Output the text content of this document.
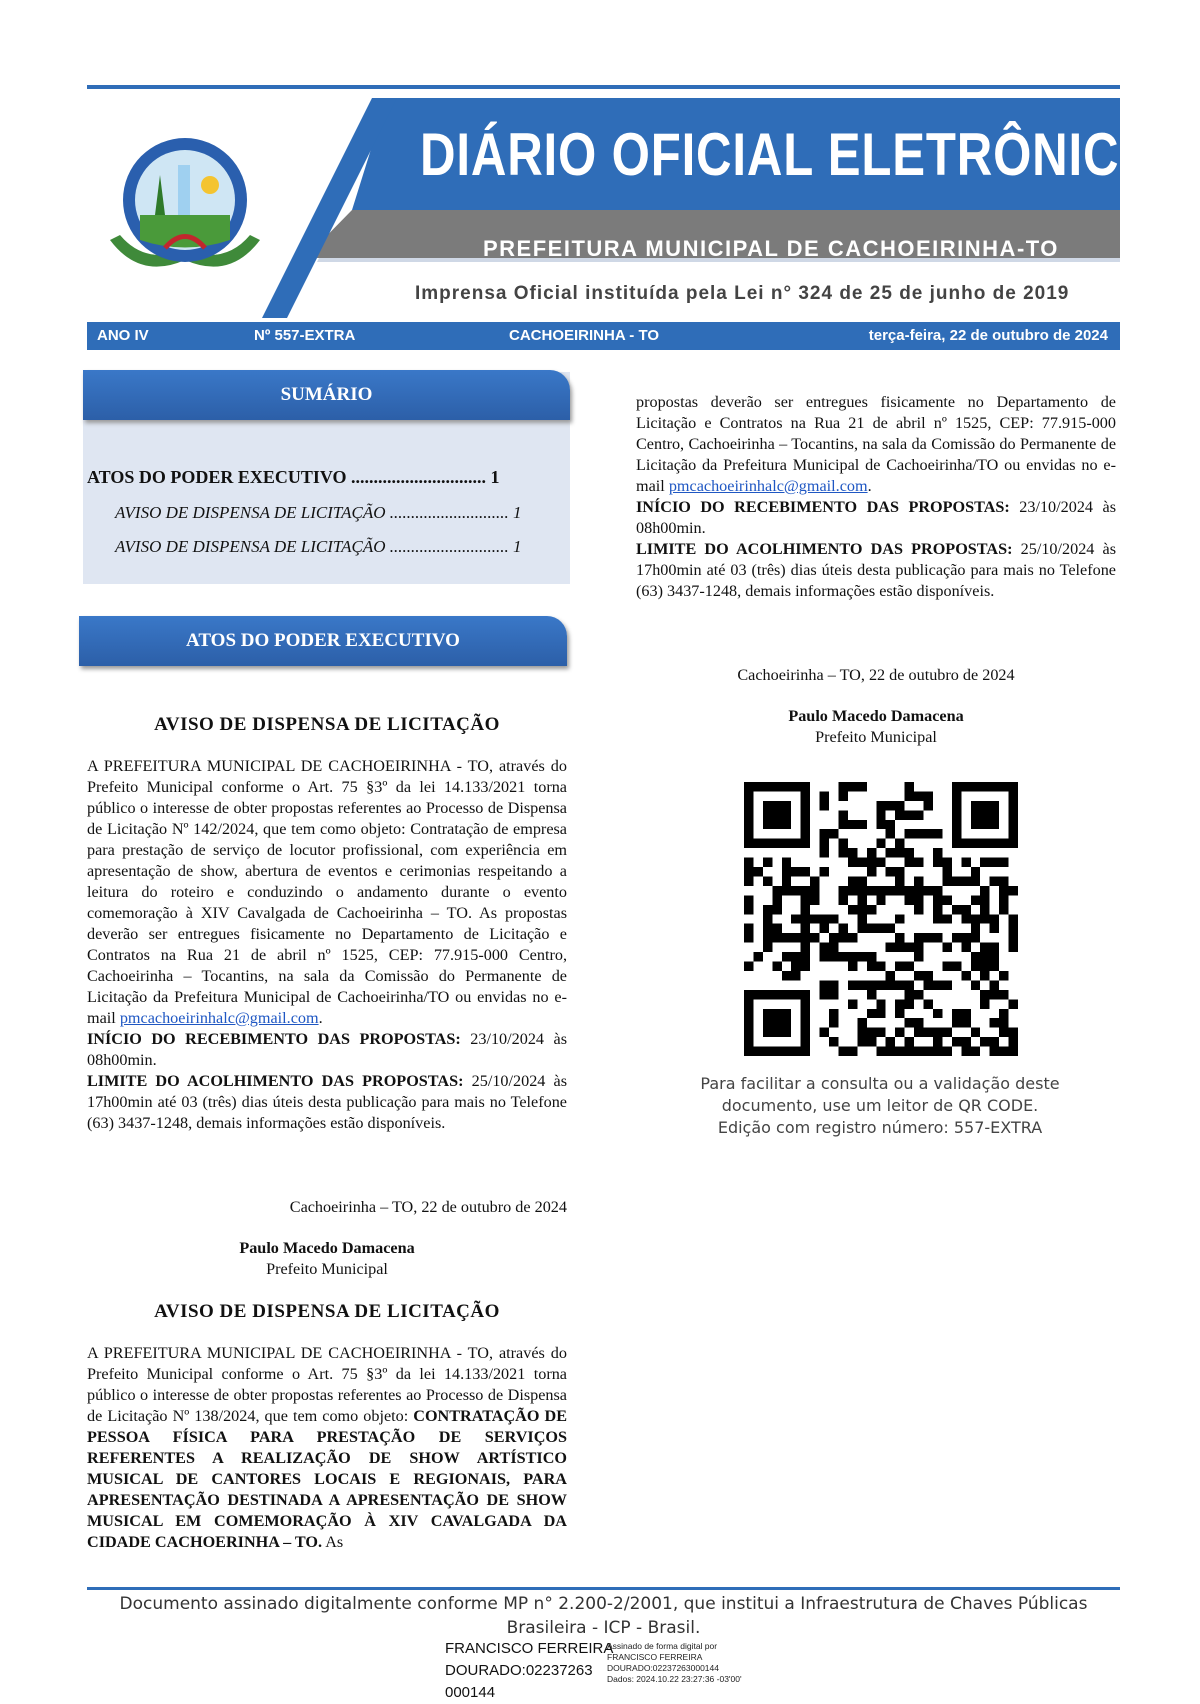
DIÁRIO OFICIAL ELETRÔNICO
PREFEITURA MUNICIPAL DE CACHOEIRINHA-TO
Imprensa Oficial instituída pela Lei n° 324 de 25 de junho de 2019
ANO IV	Nº 557-EXTRA	CACHOEIRINHA - TO	terça-feira, 22 de outubro de 2024
SUMÁRIO
ATOS DO PODER EXECUTIVO .............................. 1
AVISO DE DISPENSA DE LICITAÇÃO ............................ 1
AVISO DE DISPENSA DE LICITAÇÃO ............................ 1
ATOS DO PODER EXECUTIVO
AVISO DE DISPENSA DE LICITAÇÃO

A PREFEITURA MUNICIPAL DE CACHOEIRINHA - TO, através do Prefeito Municipal conforme o Art. 75 §3º da lei 14.133/2021 torna público o interesse de obter propostas referentes ao Processo de Dispensa de Licitação Nº 142/2024, que tem como objeto: Contratação de empresa para prestação de serviço de locutor profissional, com experiência em apresentação de show, abertura de eventos e cerimonias respeitando a leitura do roteiro e conduzindo o andamento durante o evento comemoração à XIV Cavalgada de Cachoeirinha – TO. As propostas deverão ser entregues fisicamente no Departamento de Licitação e Contratos na Rua 21 de abril nº 1525, CEP: 77.915-000 Centro, Cachoeirinha – Tocantins, na sala da Comissão do Permanente de Licitação da Prefeitura Municipal de Cachoeirinha/TO ou envidas no e-mail pmcachoeirinhalc@gmail.com.

INÍCIO DO RECEBIMENTO DAS PROPOSTAS: 23/10/2024 às 08h00min.

LIMITE DO ACOLHIMENTO DAS PROPOSTAS: 25/10/2024 às 17h00min até 03 (três) dias úteis desta publicação para mais no Telefone (63) 3437-1248, demais informações estão disponíveis.

Cachoeirinha – TO, 22 de outubro de 2024
Paulo Macedo Damacena
Prefeito Municipal
AVISO DE DISPENSA DE LICITAÇÃO

A PREFEITURA MUNICIPAL DE CACHOEIRINHA - TO, através do Prefeito Municipal conforme o Art. 75 §3º da lei 14.133/2021 torna público o interesse de obter propostas referentes ao Processo de Dispensa de Licitação Nº 138/2024, que tem como objeto: CONTRATAÇÃO DE PESSOA FÍSICA PARA PRESTAÇÃO DE SERVIÇOS REFERENTES A REALIZAÇÃO DE SHOW ARTÍSTICO MUSICAL DE CANTORES LOCAIS E REGIONAIS, PARA APRESENTAÇÃO DESTINADA A APRESENTAÇÃO DE SHOW MUSICAL EM COMEMORAÇÃO À XIV CAVALGADA DA CIDADE CACHOERINHA – TO. As

propostas deverão ser entregues fisicamente no Departamento de Licitação e Contratos na Rua 21 de abril nº 1525, CEP: 77.915-000 Centro, Cachoeirinha – Tocantins, na sala da Comissão do Permanente de Licitação da Prefeitura Municipal de Cachoeirinha/TO ou envidas no e-mail pmcachoeirinhalc@gmail.com.

INÍCIO DO RECEBIMENTO DAS PROPOSTAS: 23/10/2024 às 08h00min.

LIMITE DO ACOLHIMENTO DAS PROPOSTAS: 25/10/2024 às 17h00min até 03 (três) dias úteis desta publicação para mais no Telefone (63) 3437-1248, demais informações estão disponíveis.

Cachoeirinha – TO, 22 de outubro de 2024
Paulo Macedo Damacena
Prefeito Municipal
Para facilitar a consulta ou a validação deste
documento, use um leitor de QR CODE.
Edição com registro número: 557-EXTRA
Documento assinado digitalmente conforme MP n° 2.200-2/2001, que institui a Infraestrutura de Chaves Públicas
Brasileira - ICP - Brasil.
FRANCISCO FERREIRA
DOURADO:02237263
000144
Assinado de forma digital por
FRANCISCO FERREIRA
DOURADO:02237263000144
Dados: 2024.10.22 23:27:36 -03'00'
